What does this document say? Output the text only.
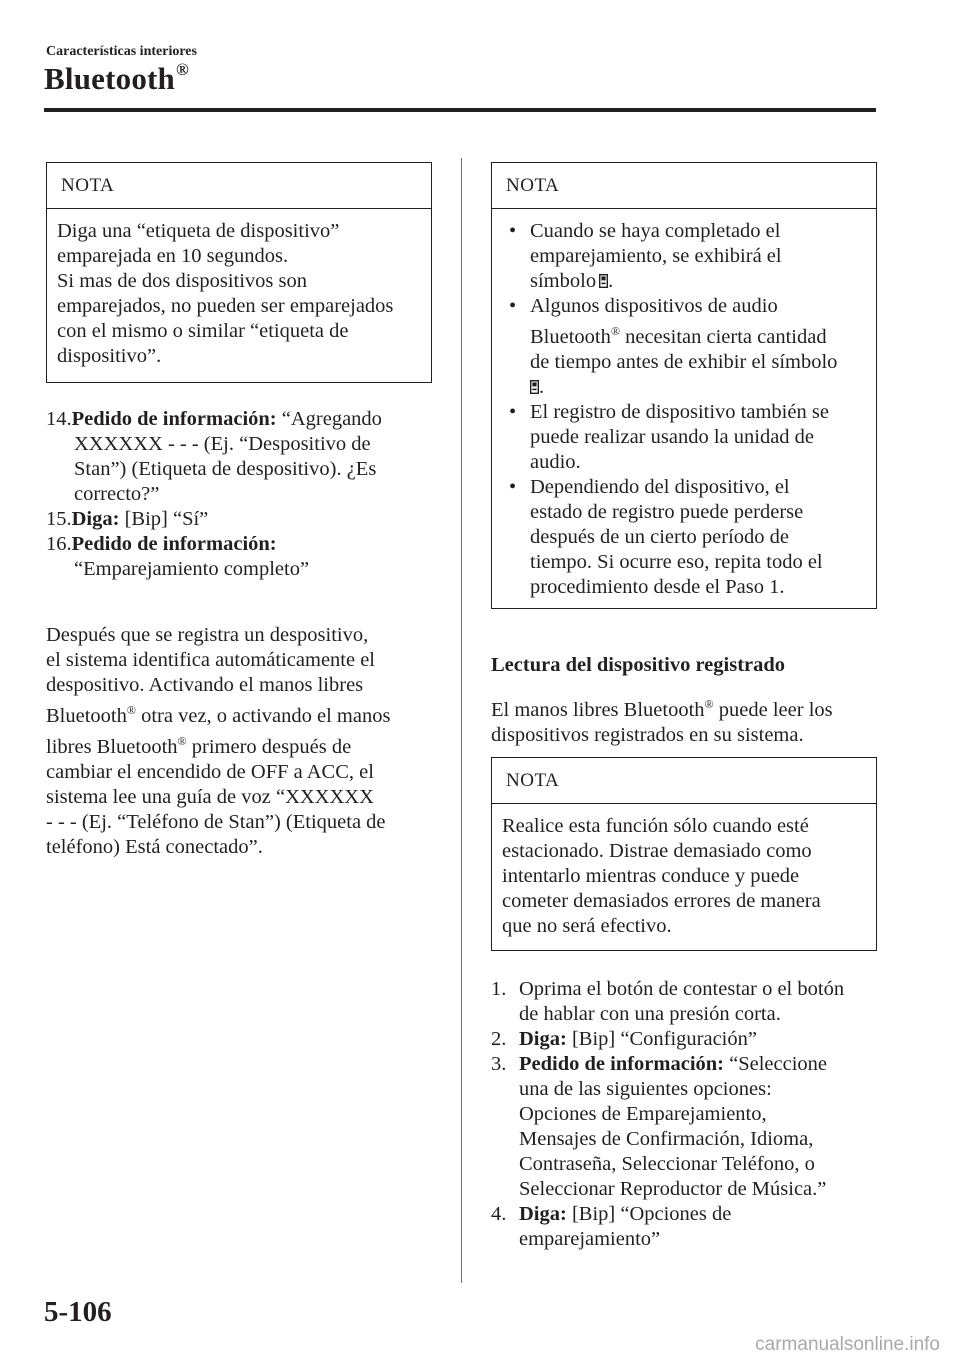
Características interiores
Bluetooth®
NOTA
Diga una “etiqueta de dispositivo”
emparejada en 10 segundos.
Si mas de dos dispositivos son
emparejados, no pueden ser emparejados
con el mismo o similar “etiqueta de
dispositivo”.
14.Pedido de información: “Agregando
XXXXXX - - - (Ej. “Despositivo de
Stan”) (Etiqueta de despositivo). ¿Es
correcto?”
15.Diga: [Bip] “Sí”
16.Pedido de información:
“Emparejamiento completo”

Después que se registra un despositivo,

el sistema identifica automáticamente el

despositivo. Activando el manos libres

Bluetooth® otra vez, o activando el manos

libres Bluetooth® primero después de

cambiar el encendido de OFF a ACC, el

sistema lee una guía de voz “XXXXXX

- - - (Ej. “Teléfono de Stan”) (Etiqueta de

teléfono) Está conectado”.

NOTA
• Cuando se haya completado el
emparejamiento, se exhibirá el
símbolo .
• Algunos dispositivos de audio
Bluetooth® necesitan cierta cantidad
de tiempo antes de exhibir el símbolo
.
• El registro de dispositivo también se
puede realizar usando la unidad de
audio.
• Dependiendo del dispositivo, el
estado de registro puede perderse
después de un cierto período de
tiempo. Si ocurre eso, repita todo el
procedimiento desde el Paso 1.
Lectura del dispositivo registrado
El manos libres Bluetooth® puede leer los
dispositivos registrados en su sistema.
NOTA
Realice esta función sólo cuando esté
estacionado. Distrae demasiado como
intentarlo mientras conduce y puede
cometer demasiados errores de manera
que no será efectivo.
1. Oprima el botón de contestar o el botón
de hablar con una presión corta.
2. Diga: [Bip] “Configuración”
3. Pedido de información: “Seleccione
una de las siguientes opciones:
Opciones de Emparejamiento,
Mensajes de Confirmación, Idioma,
Contraseña, Seleccionar Teléfono, o
Seleccionar Reproductor de Música.”
4. Diga: [Bip] “Opciones de
emparejamiento”
5-106
carmanualsonline.info
